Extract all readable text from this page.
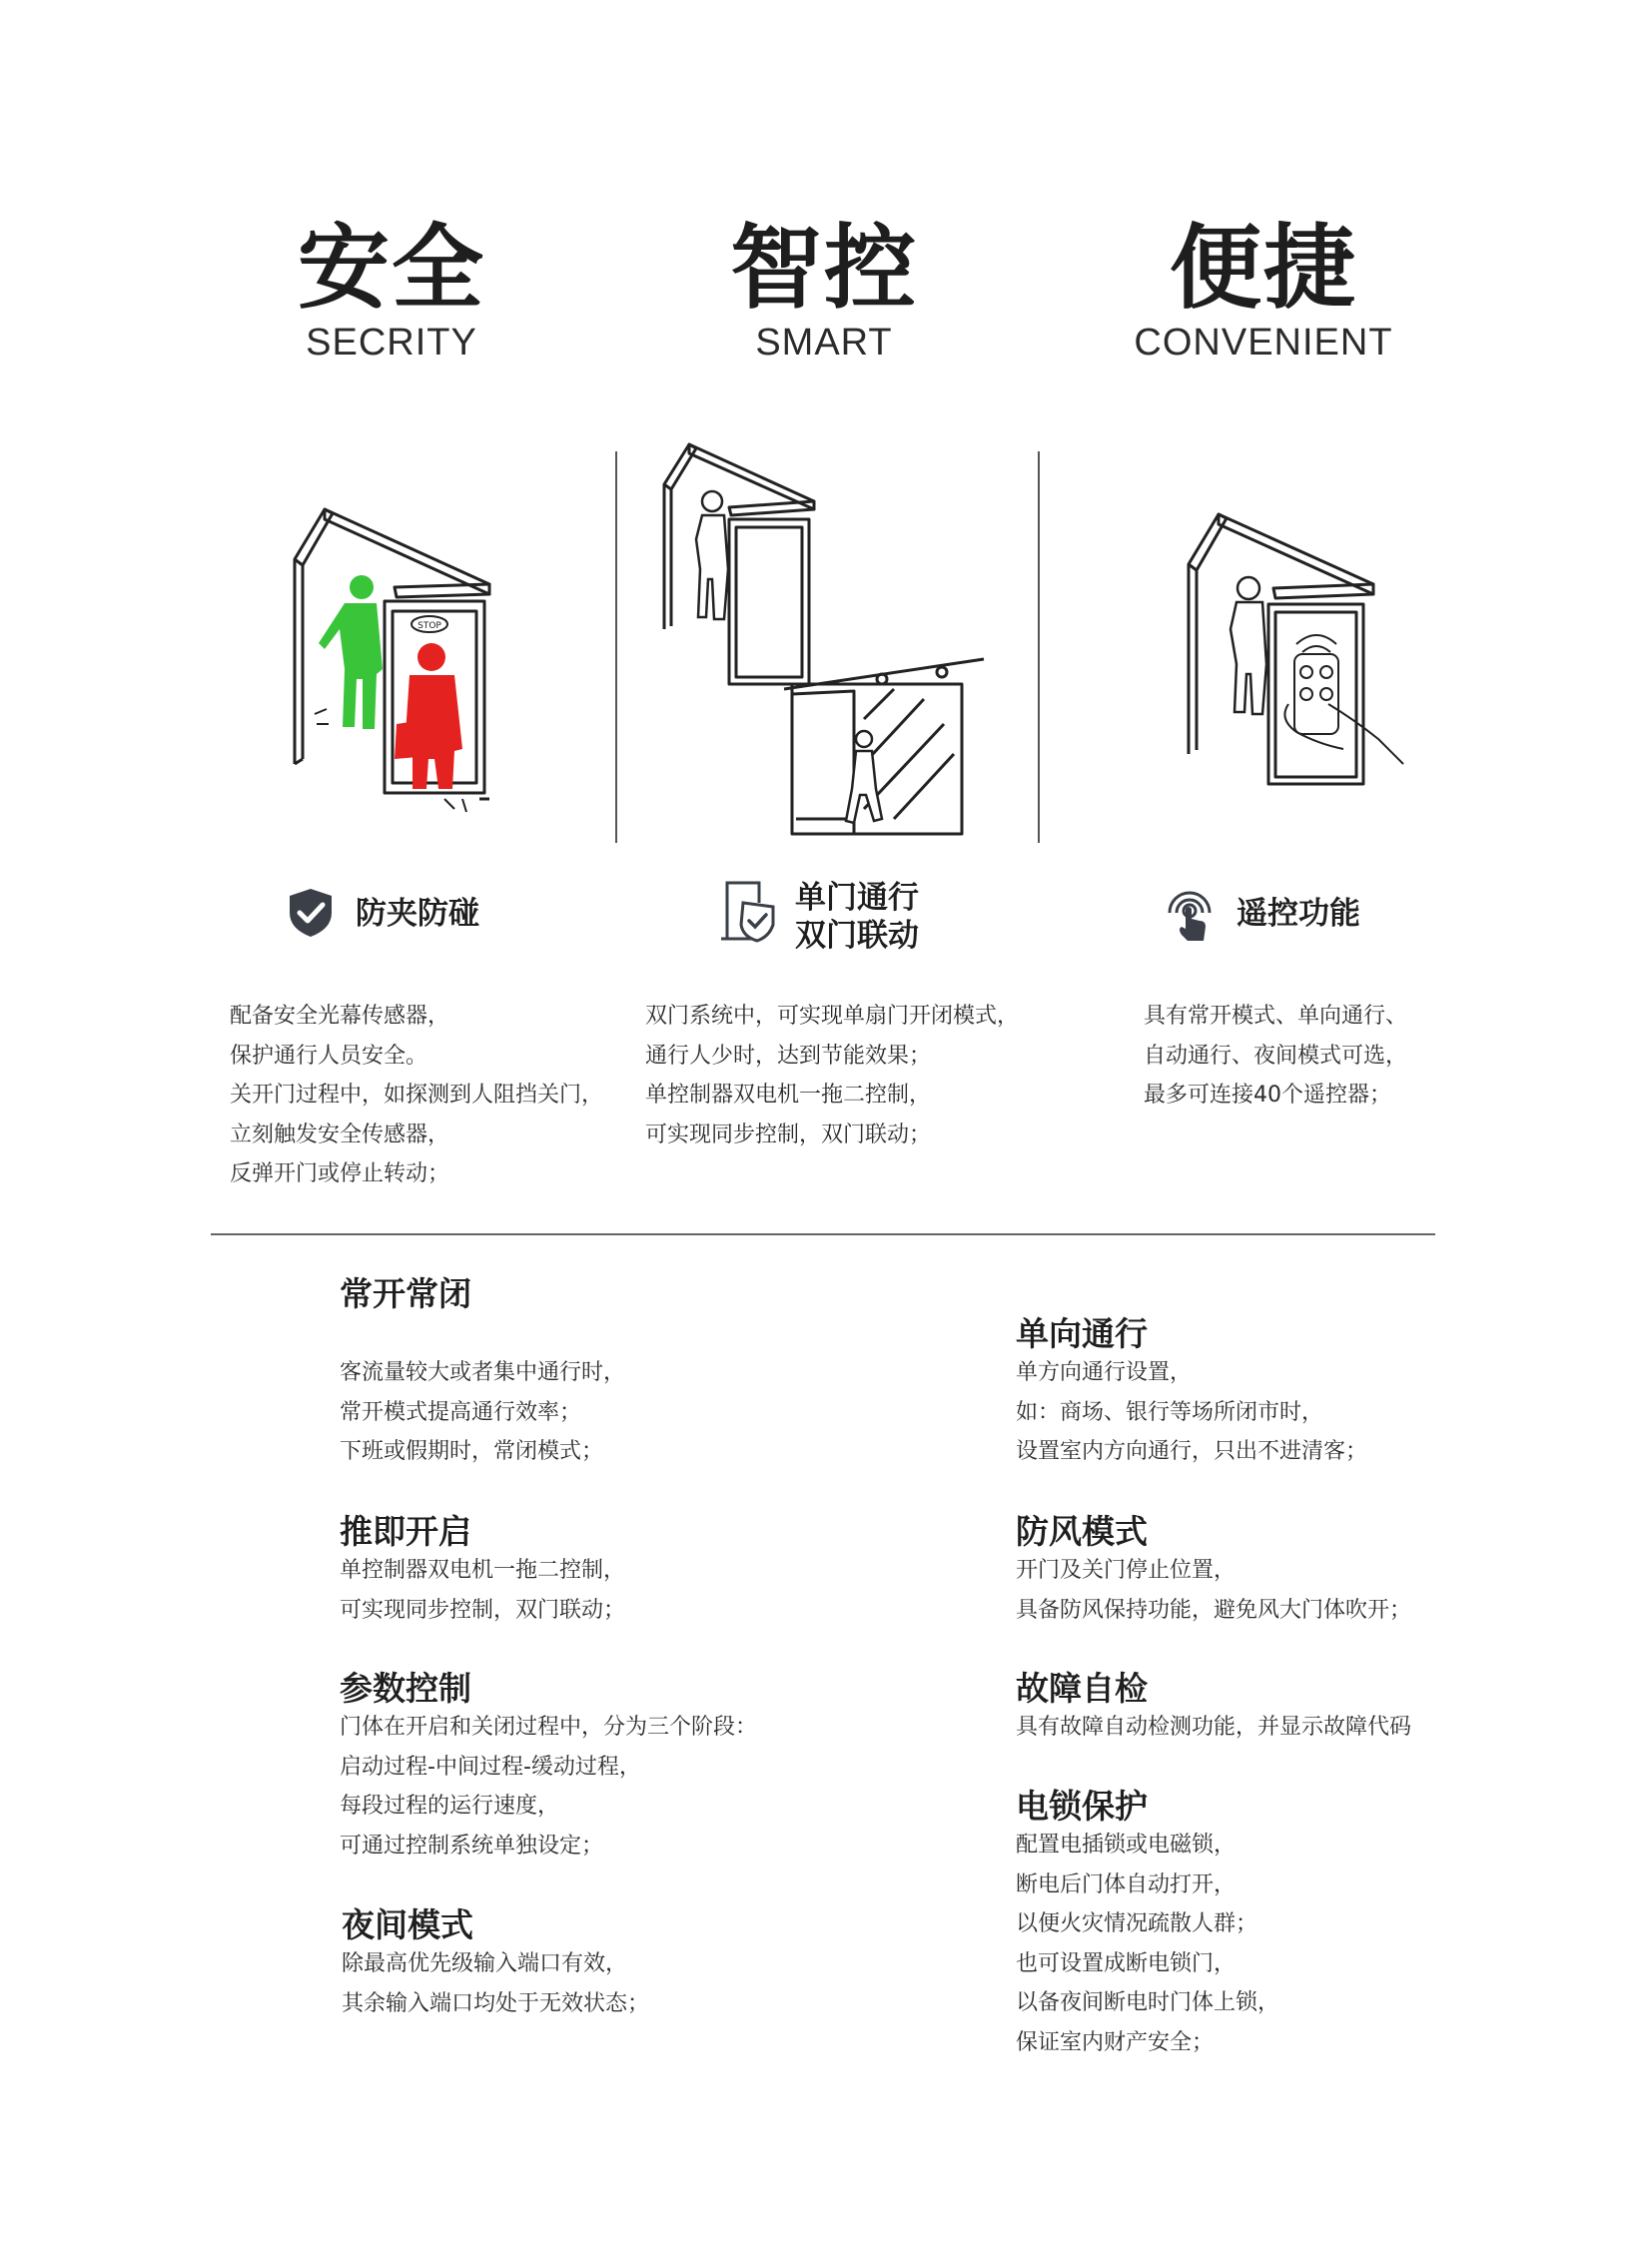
安全
SECRITY
智控
SMART
便捷
CONVENIENT
STOP
防夹防碰	单门通行
双门联动
遥控功能
配备安全光幕传感器，
保护通行人员安全。
关开门过程中，如探测到人阻挡关门，
立刻触发安全传感器，
反弹开门或停止转动；
双门系统中，可实现单扇门开闭模式，
通行人少时，达到节能效果；
单控制器双电机一拖二控制，
可实现同步控制，双门联动；
具有常开模式、单向通行、
自动通行、夜间模式可选，
最多可连接40个遥控器；
常开常闭
客流量较大或者集中通行时，
常开模式提高通行效率；
下班或假期时，常闭模式；
推即开启
单控制器双电机一拖二控制，
可实现同步控制，双门联动；
参数控制
门体在开启和关闭过程中，分为三个阶段：
启动过程-中间过程-缓动过程，
每段过程的运行速度，
可通过控制系统单独设定；
夜间模式
除最高优先级输入端口有效，
其余输入端口均处于无效状态；
单向通行
单方向通行设置，
如：商场、银行等场所闭市时，
设置室内方向通行，只出不进清客；
防风模式
开门及关门停止位置，
具备防风保持功能，避免风大门体吹开；
故障自检
具有故障自动检测功能，并显示故障代码
电锁保护
配置电插锁或电磁锁，
断电后门体自动打开，
以便火灾情况疏散人群；
也可设置成断电锁门，
以备夜间断电时门体上锁，
保证室内财产安全；
